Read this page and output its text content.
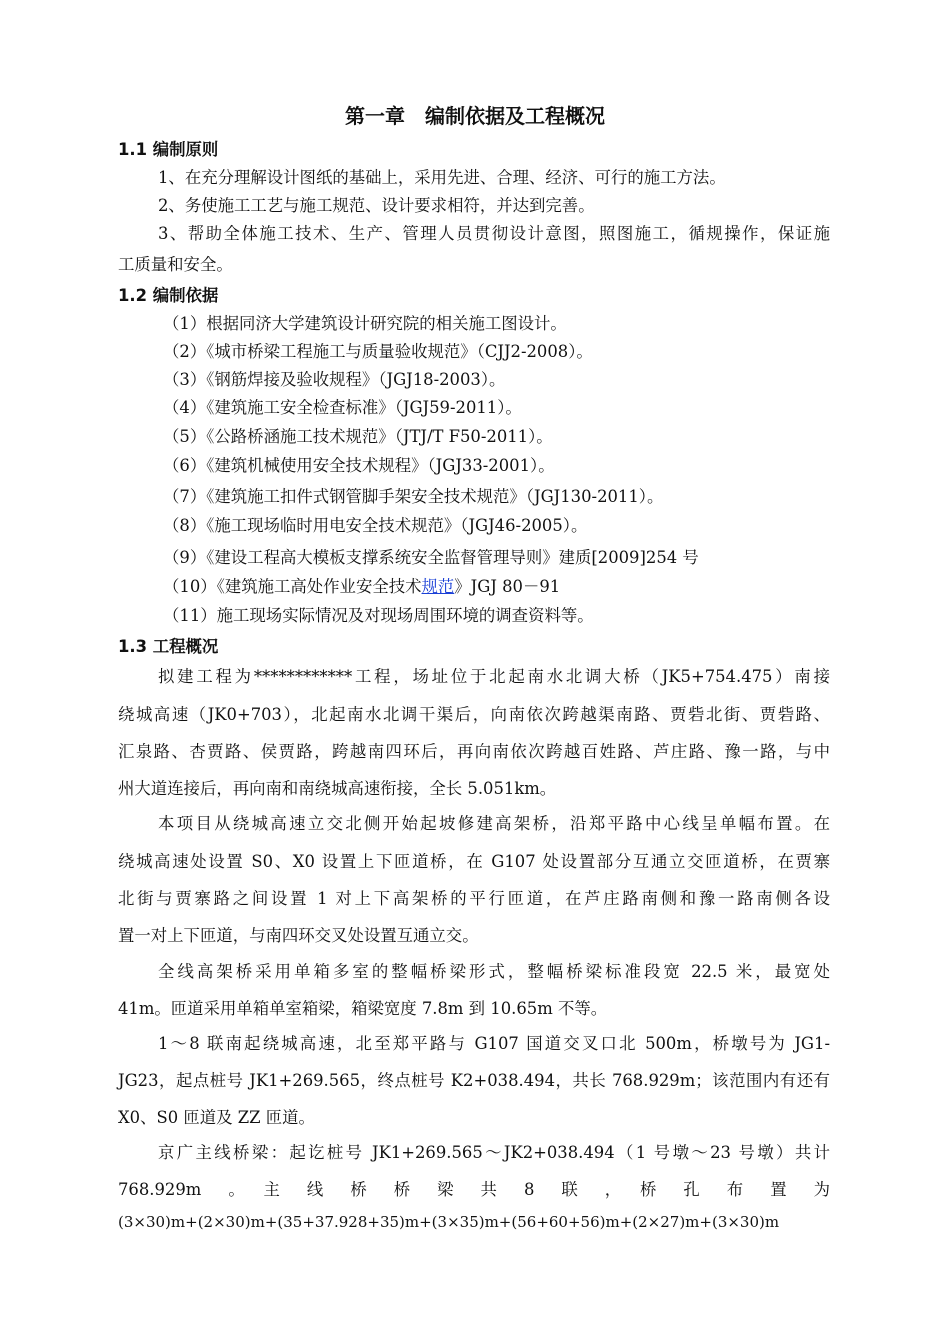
第一章　编制依据及工程概况
1.1 编制原则
1、在充分理解设计图纸的基础上，采用先进、合理、经济、可行的施工方法。
2、务使施工工艺与施工规范、设计要求相符，并达到完善。
3、帮助全体施工技术、生产、管理人员贯彻设计意图，照图施工，循规操作，保证施
工质量和安全。
1.2 编制依据
（1）根据同济大学建筑设计研究院的相关施工图设计。
（2）《城市桥梁工程施工与质量验收规范》（CJJ2-2008）。
（3）《钢筋焊接及验收规程》（JGJ18-2003）。
（4）《建筑施工安全检查标准》（JGJ59-2011）。
（5）《公路桥涵施工技术规范》（JTJ/T F50-2011）。
（6）《建筑机械使用安全技术规程》（JGJ33-2001）。
（7）《建筑施工扣件式钢管脚手架安全技术规范》（JGJ130-2011）。
（8）《施工现场临时用电安全技术规范》（JGJ46-2005）。
（9）《建设工程高大模板支撑系统安全监督管理导则》建质[2009]254 号
（10）《建筑施工高处作业安全技术规范》JGJ 80－91
（11）施工现场实际情况及对现场周围环境的调查资料等。
1.3 工程概况
拟建工程为************工程，场址位于北起南水北调大桥（JK5+754.475）南接
绕城高速（JK0+703），北起南水北调干渠后，向南依次跨越渠南路、贾砦北街、贾砦路、
汇泉路、杏贾路、侯贾路，跨越南四环后，再向南依次跨越百姓路、芦庄路、豫一路，与中
州大道连接后，再向南和南绕城高速衔接，全长 5.051km。
本项目从绕城高速立交北侧开始起坡修建高架桥，沿郑平路中心线呈单幅布置。在
绕城高速处设置 S0、X0 设置上下匝道桥，在 G107 处设置部分互通立交匝道桥，在贾寨
北街与贾寨路之间设置 1 对上下高架桥的平行匝道，在芦庄路南侧和豫一路南侧各设
置一对上下匝道，与南四环交叉处设置互通立交。
全线高架桥采用单箱多室的整幅桥梁形式，整幅桥梁标准段宽 22.5 米，最宽处
41m。匝道采用单箱单室箱梁，箱梁宽度 7.8m 到 10.65m 不等。
1～8 联南起绕城高速，北至郑平路与 G107 国道交叉口北 500m，桥墩号为 JG1-
JG23，起点桩号 JK1+269.565，终点桩号 K2+038.494，共长 768.929m；该范围内有还有
X0、S0 匝道及 ZZ 匝道。
京广主线桥梁：起讫桩号 JK1+269.565～JK2+038.494（1 号墩～23 号墩）共计
768.929m　。　主　线　桥　桥　梁　共　8　联　，　桥　孔　布　置　为
(3×30)m+(2×30)m+(35+37.928+35)m+(3×35)m+(56+60+56)m+(2×27)m+(3×30)m
